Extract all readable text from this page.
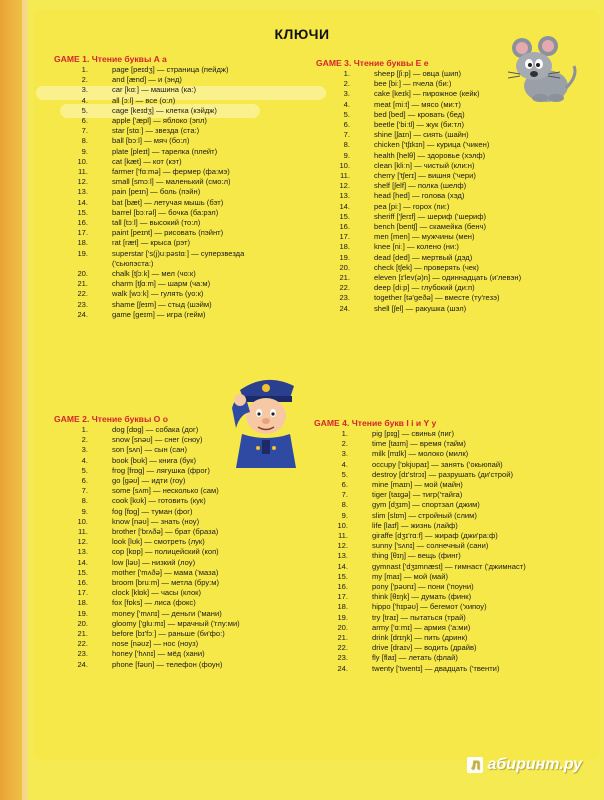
КЛЮЧИ
GAME 1. Чтение буквы A a
1.	page [peɪdʒ] — страница (пейдж)
2.	and [ænd] — и (энд)
3.	car [kɑː] — машина (ка:)
4.	all [ɔːl] — все (о:л)
5.	cage [keɪdʒ] — клетка (кэйдж)
6.	apple ['æpl] — яблоко (эпл)
7.	star [stɑː] — звезда (ста:)
8.	ball [bɔːl] — мяч (бо:л)
9.	plate [pleɪt] — тарелка (плейт)
10.	cat [kæt] — кот (кэт)
11.	farmer ['fɑːmə] — фермер (фа:мэ)
12.	small [smɔːl] — маленький (смо:л)
13.	pain [peɪn] — боль (пэйн)
14.	bat [bæt] — летучая мышь (бэт)
15.	barrel [bɔːrəl] — бочка (ба:рэл)
16.	tall [tɔːl] — высокий (то:л)
17.	paint [peɪnt] — рисовать (пэйнт)
18.	rat [ræt] — крыса (рэт)
19.	superstar ['s(j)uːpəstɑː] — суперзвезда
('сьюпэста:)
20.	chalk [tʃɔːk] — мел (чо:к)
21.	charm [tʃɑːm] — шарм (ча:м)
22.	walk [wɔːk] — гулять (уо:к)
23.	shame [ʃeɪm] — стыд (шэйм)
24.	game [geɪm] — игра (гейм)
GAME 2. Чтение буквы O o
1.	dog [dɒg] — собака (дог)
2.	snow [snəʊ] — снег (сноу)
3.	son [sʌn] — сын (сан)
4.	book [bʊk] — книга (бук)
5.	frog [frɒg] — лягушка (фрог)
6.	go [gəʊ] — идти (гоу)
7.	some [sʌm] — несколько (сам)
8.	cook [kʊk] — готовить (кук)
9.	fog [fɒg] — туман (фог)
10.	know [nəʊ] — знать (ноу)
11.	brother ['brʌðə] — брат (браза)
12.	look [lʊk] — смотреть (лук)
13.	cop [kɒp] — полицейский (коп)
14.	low [ləʊ] — низкий (лоу)
15.	mother ['mʌðə] — мама ('маза)
16.	broom [bruːm] — метла (бру:м)
17.	clock [klɒk] — часы (клок)
18.	fox [fɒks] — лиса (фокс)
19.	money ['mʌnɪ] — деньги ('мани)
20.	gloomy ['gluːmɪ] — мрачный ('глу:ми)
21.	before [bɪ'fɔː] — раньше (би'фо:)
22.	nose [nəʊz] — нос (ноуз)
23.	honey ['hʌnɪ] — мёд (хани)
24.	phone [fəʊn] — телефон (фоун)
GAME 3. Чтение буквы E e
1.	sheep [ʃiːp] — овца (шип)
2.	bee [biː] — пчела (би:)
3.	cake [keɪk] — пирожное (кейк)
4.	meat [miːt] — мясо (ми:т)
5.	bed [bed] — кровать (бед)
6.	beetle ['biːtl] — жук (би:тл)
7.	shine [ʃaɪn] — сиять (шайн)
8.	chicken ['tʃɪkɪn] — курица ('чикен)
9.	health [helθ] — здоровье (хэлф)
10.	clean [kliːn] — чистый (кли:н)
11.	cherry ['tʃerɪ] — вишня ('чери)
12.	shelf [ʃelf] — полка (шелф)
13.	head [hed] — голова (хэд)
14.	pea [piː] — горох (пи:)
15.	sheriff ['ʃerɪf] — шериф ('шериф)
16.	bench [bentʃ] — скамейка (бенч)
17.	men [men] — мужчины (мен)
18.	knee [niː] — колено (ни:)
19.	dead [ded] — мертвый (дэд)
20.	check [tʃek] — проверять (чек)
21.	eleven [ɪ'lev(ə)n] — одиннадцать (и'левэн)
22.	deep [diːp] — глубокий (ди:п)
23.	together [tə'geðə] — вместе (ту'гезэ)
24.	shell [ʃel] — ракушка (шэл)
GAME 4. Чтение букв I i и Y y
1.	pig [pɪg] — свинья (пиг)
2.	time [taɪm] — время (тайм)
3.	milk [mɪlk] — молоко (милк)
4.	occupy ['ɒkjʊpaɪ] — занять ('окьюпай)
5.	destroy [dɪ'strɔɪ] — разрушать (ди'строй)
6.	mine [maɪn] — мой (майн)
7.	tiger [taɪgə] — тигр('тайга)
8.	gym [dʒɪm] — спортзал (джим)
9.	slim [slɪm] — стройный (слим)
10.	life [laɪf] — жизнь (лайф)
11.	giraffe [dʒɪ'rɑːf] — жираф (джи'ра:ф)
12.	sunny ['sʌnɪ] — солнечный (сани)
13.	thing [θɪŋ] — вещь (финг)
14.	gymnast ['dʒɪmnæst] — гимнаст ('джимнаст)
15.	my [maɪ] — мой (май)
16.	pony ['pəʊnɪ] — пони ('поуни)
17.	think [θɪŋk] — думать (финк)
18.	hippo ['hɪpəʊ] — бегемот ('хипоу)
19.	try [traɪ] — пытаться (трай)
20.	army ['ɑːmɪ] — армия ('а:ми)
21.	drink [drɪŋk] — пить (дринк)
22.	drive [draɪv] — водить (драйв)
23.	fly [flaɪ] — летать (флай)
24.	twenty ['twentɪ] — двадцать ('твенти)
Л абиринт.ру
